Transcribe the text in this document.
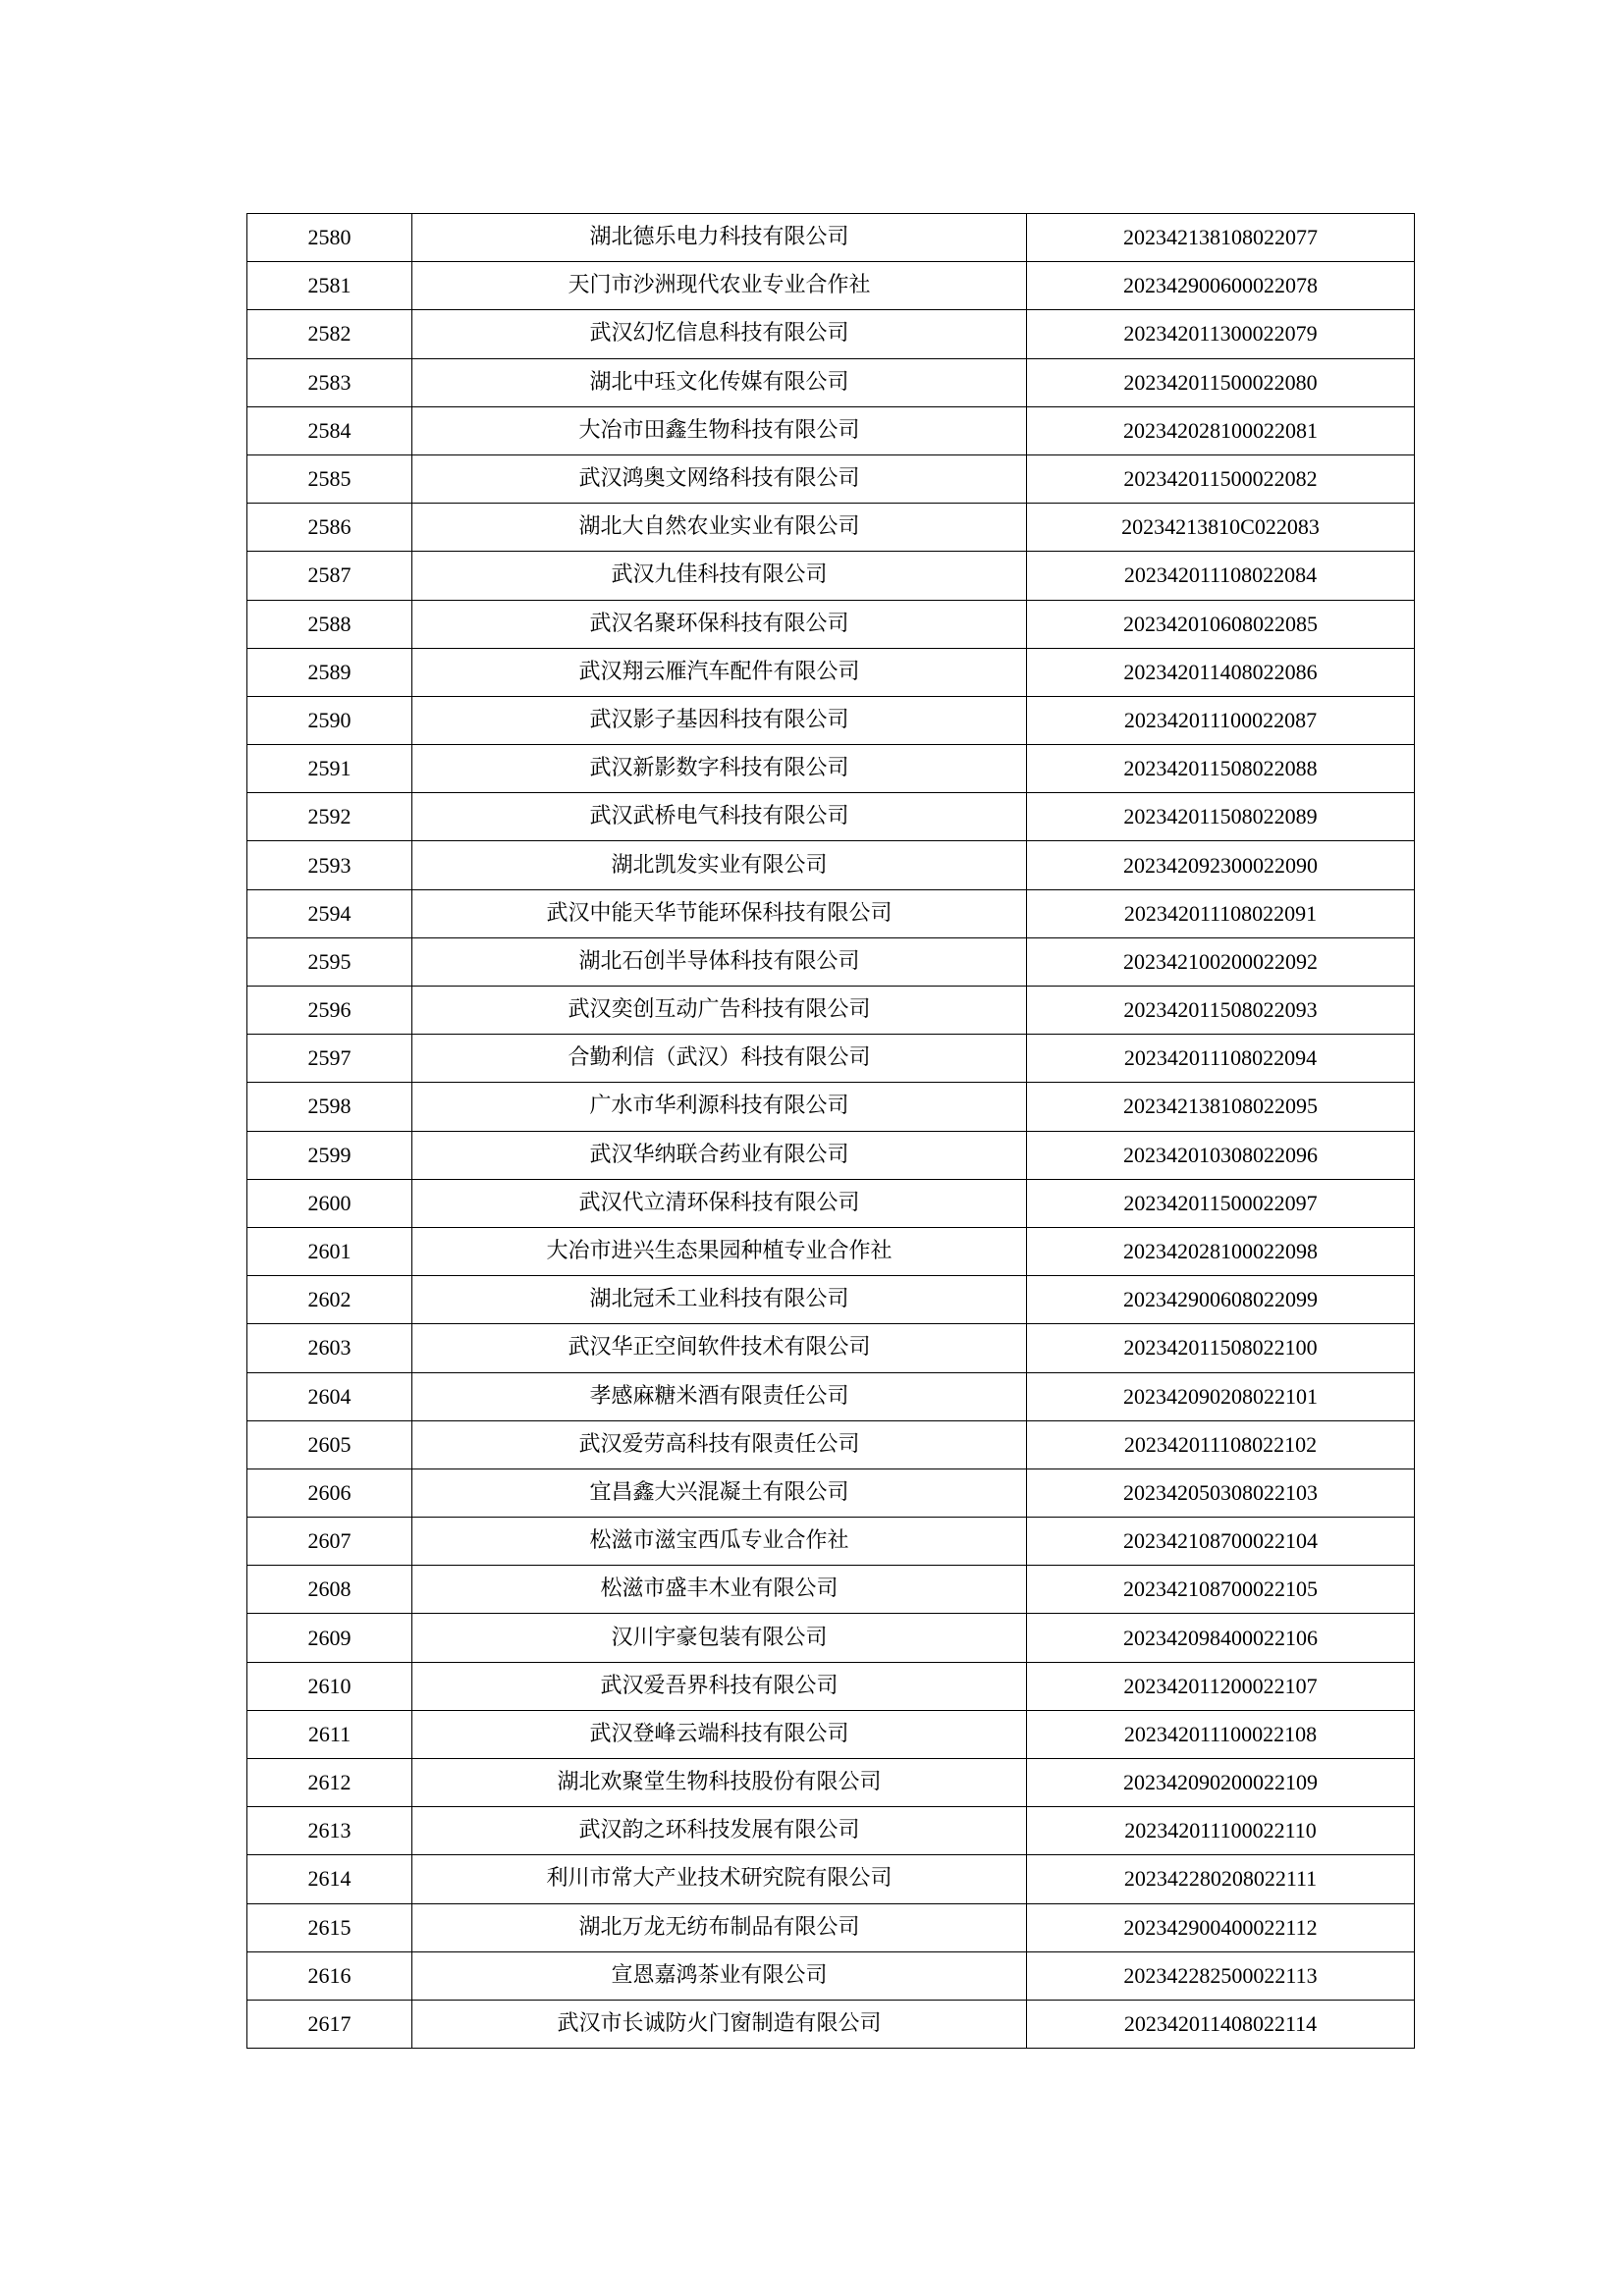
2580	湖北德乐电力科技有限公司	202342138108022077
2581	天门市沙洲现代农业专业合作社	202342900600022078
2582	武汉幻忆信息科技有限公司	202342011300022079
2583	湖北中珏文化传媒有限公司	202342011500022080
2584	大冶市田鑫生物科技有限公司	202342028100022081
2585	武汉鸿奥文网络科技有限公司	202342011500022082
2586	湖北大自然农业实业有限公司	20234213810C022083
2587	武汉九佳科技有限公司	202342011108022084
2588	武汉名聚环保科技有限公司	202342010608022085
2589	武汉翔云雁汽车配件有限公司	202342011408022086
2590	武汉影子基因科技有限公司	202342011100022087
2591	武汉新影数字科技有限公司	202342011508022088
2592	武汉武桥电气科技有限公司	202342011508022089
2593	湖北凯发实业有限公司	202342092300022090
2594	武汉中能天华节能环保科技有限公司	202342011108022091
2595	湖北石创半导体科技有限公司	202342100200022092
2596	武汉奕创互动广告科技有限公司	202342011508022093
2597	合勤利信（武汉）科技有限公司	202342011108022094
2598	广水市华利源科技有限公司	202342138108022095
2599	武汉华纳联合药业有限公司	202342010308022096
2600	武汉代立清环保科技有限公司	202342011500022097
2601	大冶市进兴生态果园种植专业合作社	202342028100022098
2602	湖北冠禾工业科技有限公司	202342900608022099
2603	武汉华正空间软件技术有限公司	202342011508022100
2604	孝感麻糖米酒有限责任公司	202342090208022101
2605	武汉爱劳高科技有限责任公司	202342011108022102
2606	宜昌鑫大兴混凝土有限公司	202342050308022103
2607	松滋市滋宝西瓜专业合作社	202342108700022104
2608	松滋市盛丰木业有限公司	202342108700022105
2609	汉川宇豪包装有限公司	202342098400022106
2610	武汉爱吾界科技有限公司	202342011200022107
2611	武汉登峰云端科技有限公司	202342011100022108
2612	湖北欢聚堂生物科技股份有限公司	202342090200022109
2613	武汉韵之环科技发展有限公司	202342011100022110
2614	利川市常大产业技术研究院有限公司	202342280208022111
2615	湖北万龙无纺布制品有限公司	202342900400022112
2616	宣恩嘉鸿茶业有限公司	202342282500022113
2617	武汉市长诚防火门窗制造有限公司	202342011408022114
